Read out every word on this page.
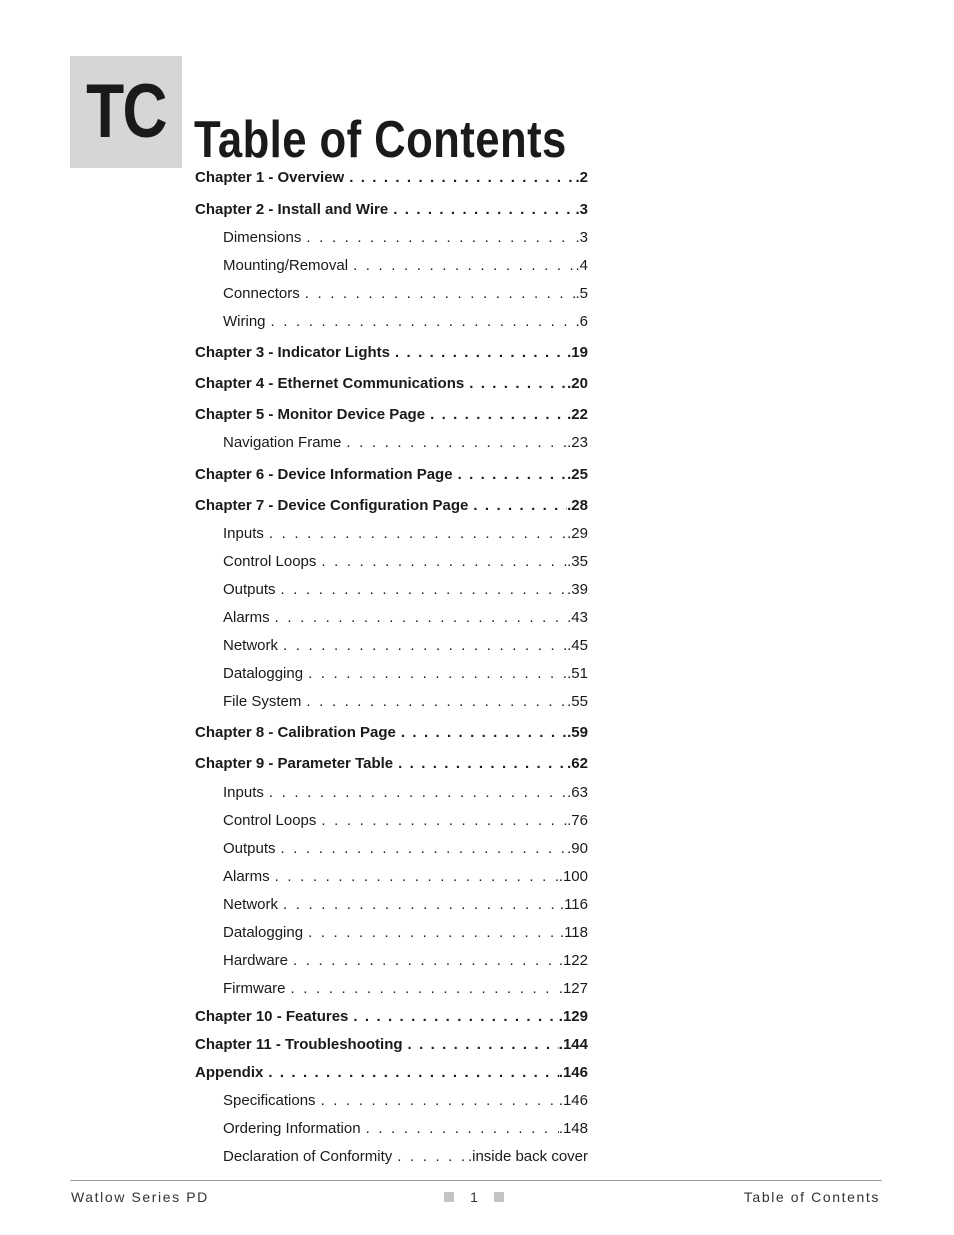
TC Table of Contents
Chapter 1 - Overview . . .	.2
Chapter 2 - Install and Wire . . .	.3
Dimensions . . .	.3
Mounting/Removal . . .	.4
Connectors . . .	.5
Wiring . . .	.6
Chapter 3 - Indicator Lights . . .	.19
Chapter 4 - Ethernet Communications . . .	.20
Chapter 5 - Monitor Device Page . . .	.22
Navigation Frame . . .	.23
Chapter 6 - Device Information Page . . .	.25
Chapter 7 - Device Configuration Page . . .	.28
Inputs . . .	.29
Control Loops . . .	.35
Outputs . . .	.39
Alarms . . .	.43
Network . . .	.45
Datalogging . . .	.51
File System . . .	.55
Chapter 8 - Calibration Page . . .	.59
Chapter 9 - Parameter Table . . .	.62
Inputs . . .	.63
Control Loops . . .	.76
Outputs . . .	.90
Alarms . . .	.100
Network . . .	.116
Datalogging . . .	.118
Hardware . . .	.122
Firmware . . .	.127
Chapter 10 - Features . . .	.129
Chapter 11 - Troubleshooting . . .	.144
Appendix . . .	.146
Specifications . . .	.146
Ordering Information . . .	.148
Declaration of Conformity . . .	.inside back cover
Watlow Series PD	1	Table of Contents
